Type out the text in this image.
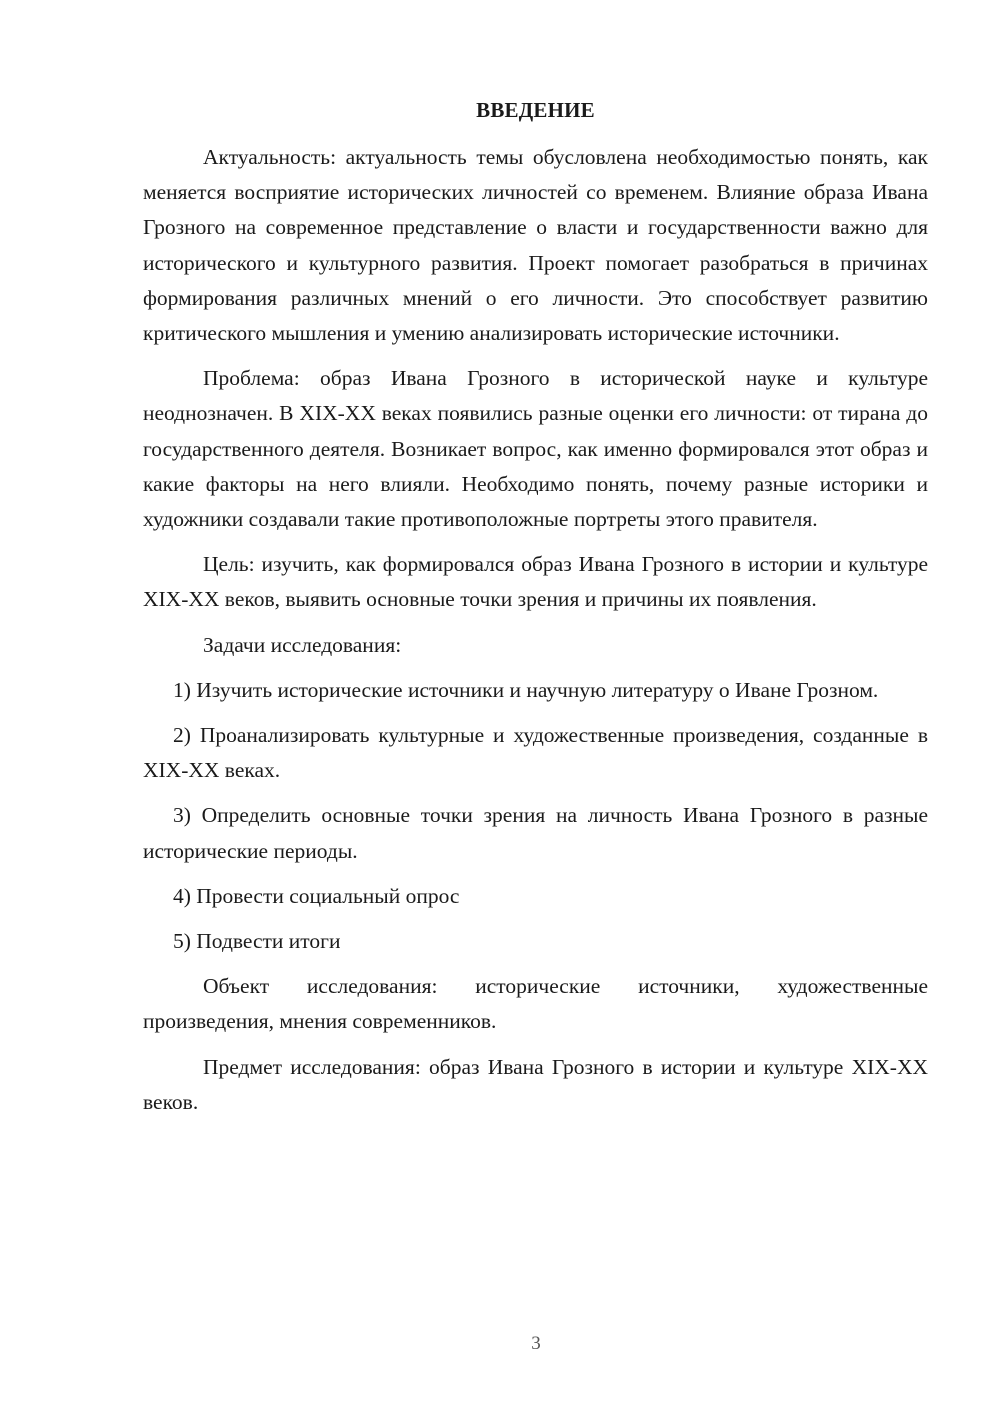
ВВЕДЕНИЕ

Актуальность: актуальность темы обусловлена необходимостью понять, как меняется восприятие исторических личностей со временем. Влияние образа Ивана Грозного на современное представление о власти и государственности важно для исторического и культурного развития. Проект помогает разобраться в причинах формирования различных мнений о его личности. Это способствует развитию критического мышления и умению анализировать исторические источники.

Проблема: образ Ивана Грозного в исторической науке и культуре неоднозначен. В XIX-XX веках появились разные оценки его личности: от тирана до государственного деятеля. Возникает вопрос, как именно формировался этот образ и какие факторы на него влияли. Необходимо понять, почему разные историки и художники создавали такие противоположные портреты этого правителя.

Цель: изучить, как формировался образ Ивана Грозного в истории и культуре XIX-XX веков, выявить основные точки зрения и причины их появления.

Задачи исследования:

1) Изучить исторические источники и научную литературу о Иване Грозном.

2) Проанализировать культурные и художественные произведения, созданные в XIX-XX веках.

3) Определить основные точки зрения на личность Ивана Грозного в разные исторические периоды.

4) Провести социальный опрос

5) Подвести итоги

Объект исследования: исторические источники, художественные произведения, мнения современников.

Предмет исследования: образ Ивана Грозного в истории и культуре XIX-XX веков.

3
